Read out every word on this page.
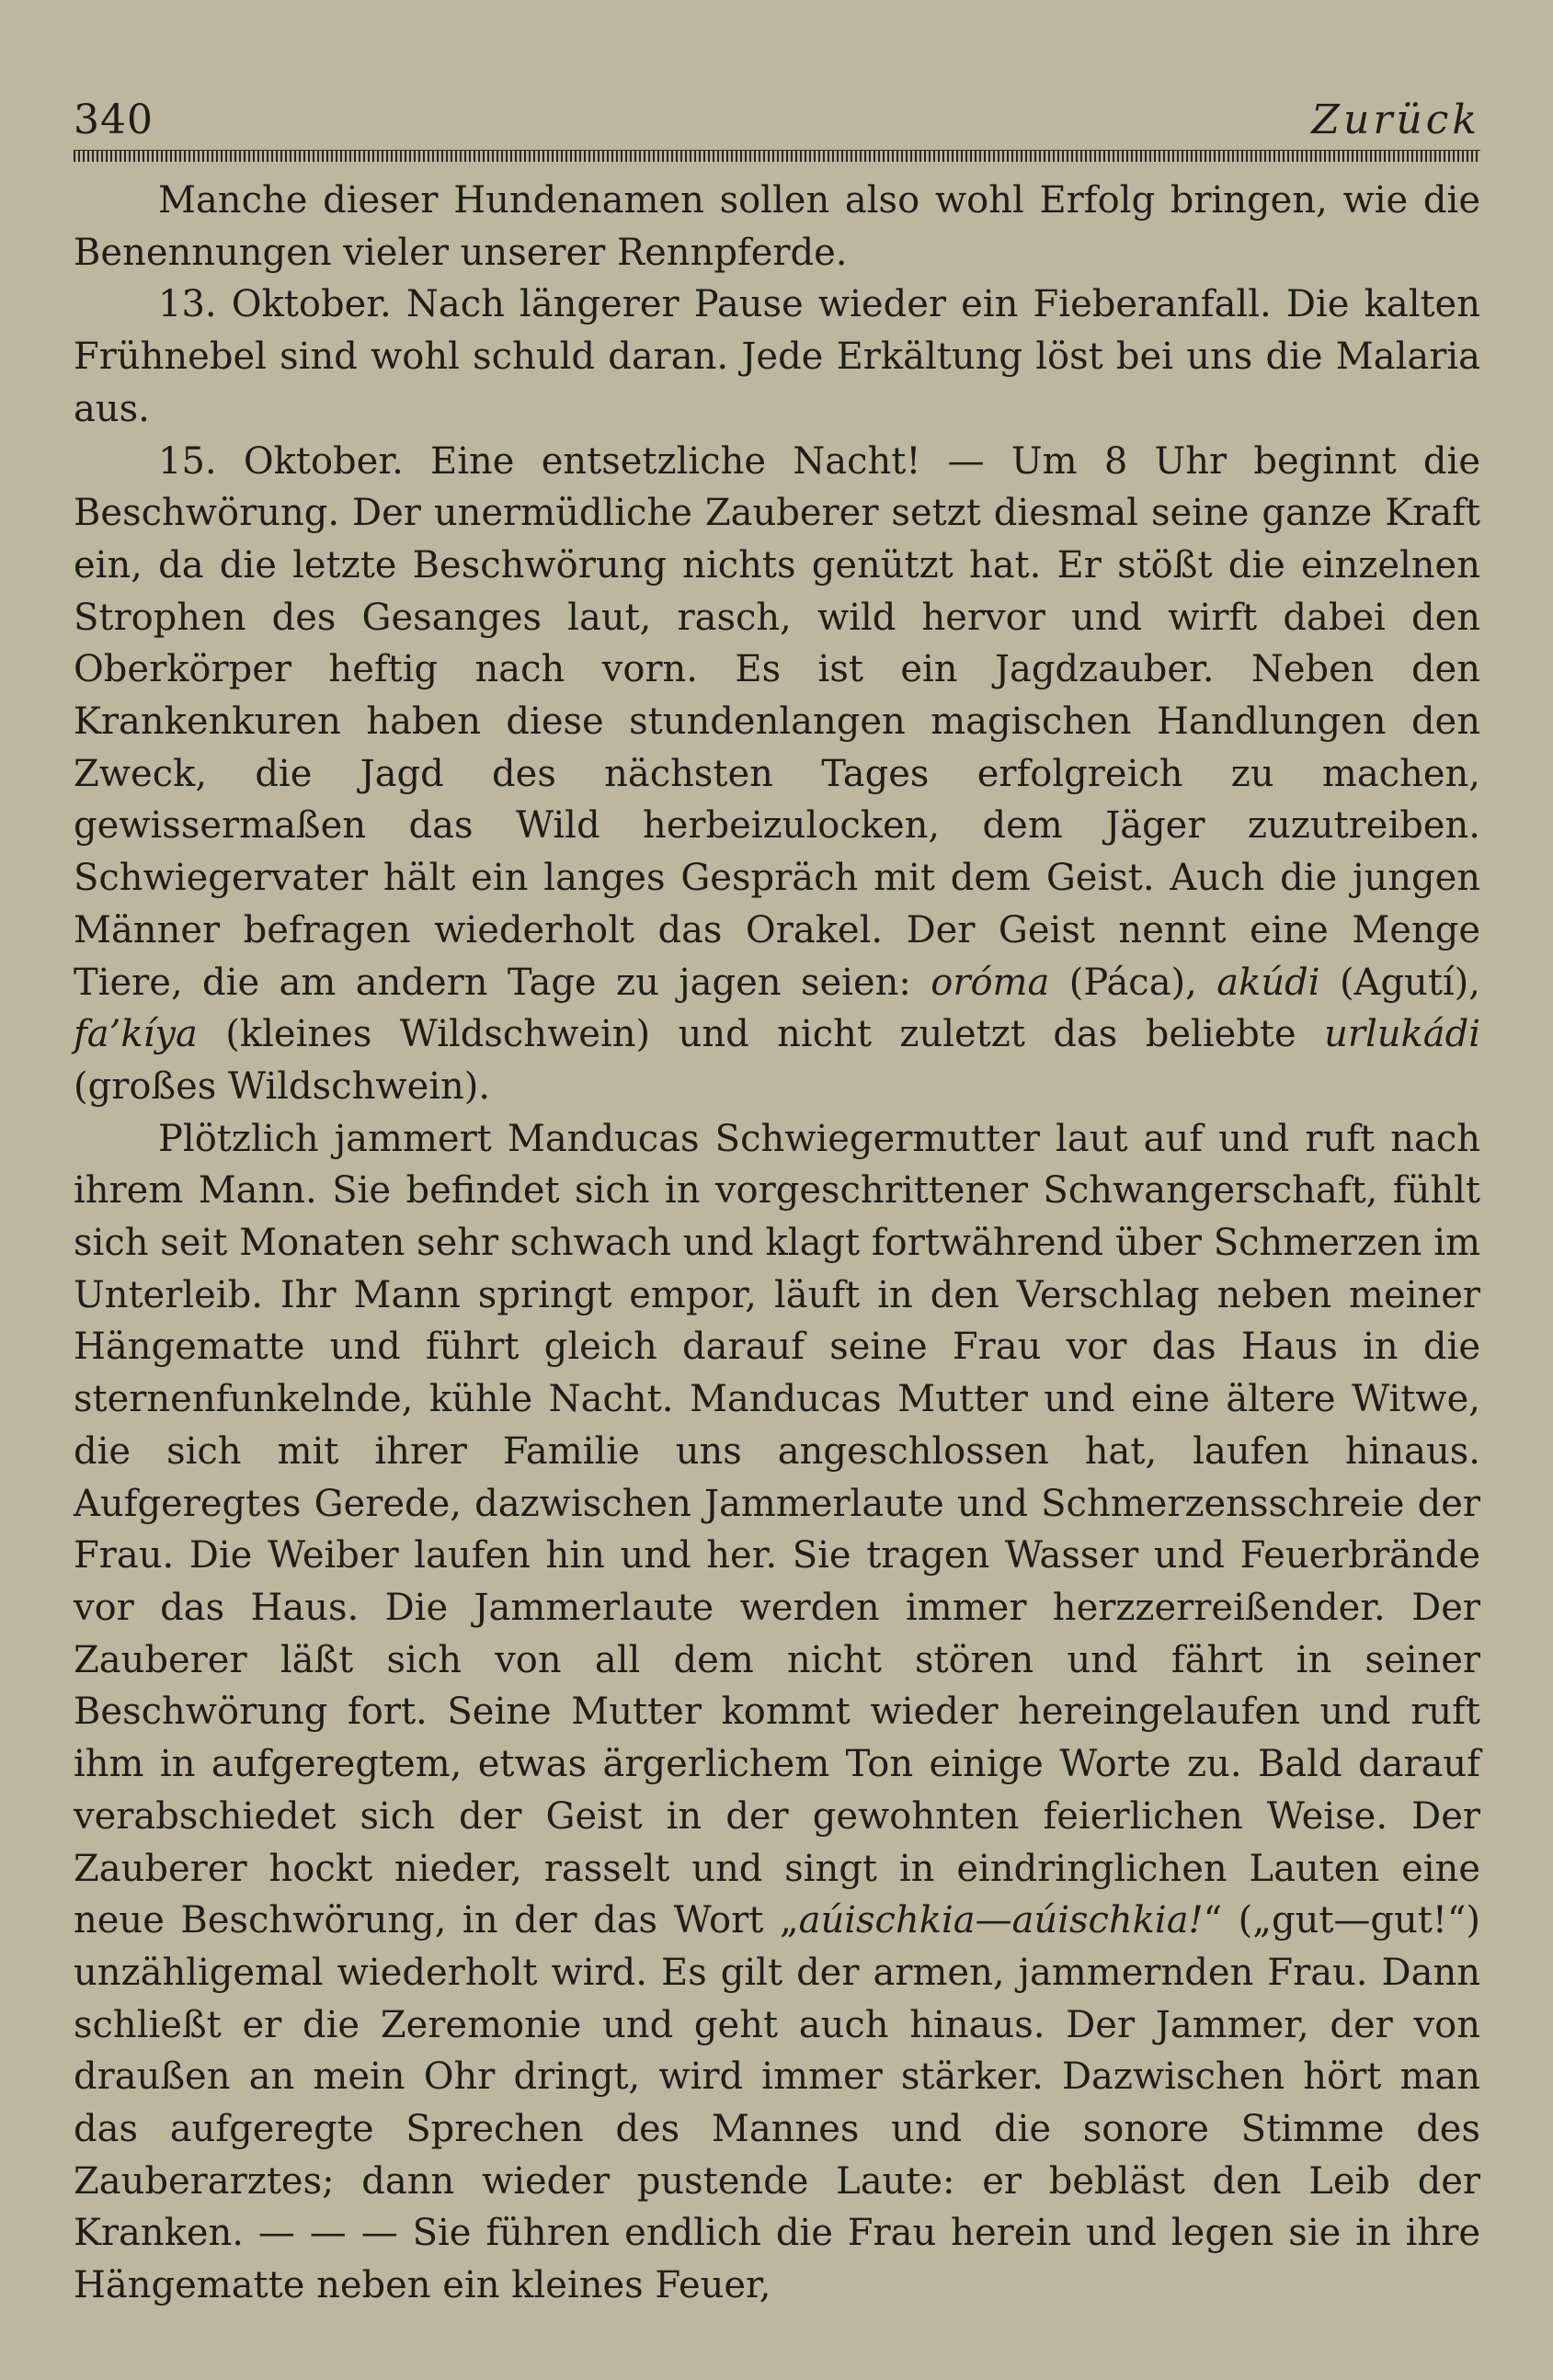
340	Zurück

Manche dieser Hundenamen sollen also wohl Erfolg bringen, wie die Benennungen vieler unserer Rennpferde.

13. Oktober. Nach längerer Pause wieder ein Fieberanfall. Die kalten Frühnebel sind wohl schuld daran. Jede Erkältung löst bei uns die Malaria aus.

15. Oktober. Eine entsetzliche Nacht! — Um 8 Uhr beginnt die Beschwörung. Der unermüdliche Zauberer setzt diesmal seine ganze Kraft ein, da die letzte Beschwörung nichts genützt hat. Er stößt die einzelnen Strophen des Gesanges laut, rasch, wild hervor und wirft dabei den Oberkörper heftig nach vorn. Es ist ein Jagdzauber. Neben den Krankenkuren haben diese stundenlangen magischen Handlungen den Zweck, die Jagd des nächsten Tages erfolgreich zu machen, gewissermaßen das Wild herbeizulocken, dem Jäger zuzutreiben. Schwiegervater hält ein langes Gespräch mit dem Geist. Auch die jungen Männer befragen wiederholt das Orakel. Der Geist nennt eine Menge Tiere, die am andern Tage zu jagen seien: oróma (Páca), akúdi (Agutí), fa’kíya (kleines Wildschwein) und nicht zuletzt das beliebte urlukádi (großes Wildschwein).

Plötzlich jammert Manducas Schwiegermutter laut auf und ruft nach ihrem Mann. Sie befindet sich in vorgeschrittener Schwangerschaft, fühlt sich seit Monaten sehr schwach und klagt fortwährend über Schmerzen im Unterleib. Ihr Mann springt empor, läuft in den Verschlag neben meiner Hängematte und führt gleich darauf seine Frau vor das Haus in die sternenfunkelnde, kühle Nacht. Manducas Mutter und eine ältere Witwe, die sich mit ihrer Familie uns angeschlossen hat, laufen hinaus. Aufgeregtes Gerede, dazwischen Jammerlaute und Schmerzensschreie der Frau. Die Weiber laufen hin und her. Sie tragen Wasser und Feuerbrände vor das Haus. Die Jammerlaute werden immer herzzerreißender. Der Zauberer läßt sich von all dem nicht stören und fährt in seiner Beschwörung fort. Seine Mutter kommt wieder hereingelaufen und ruft ihm in aufgeregtem, etwas ärgerlichem Ton einige Worte zu. Bald darauf verabschiedet sich der Geist in der gewohnten feierlichen Weise. Der Zauberer hockt nieder, rasselt und singt in eindringlichen Lauten eine neue Beschwörung, in der das Wort „aúischkia—aúischkia!“ („gut—gut!“) unzähligemal wiederholt wird. Es gilt der armen, jammernden Frau. Dann schließt er die Zeremonie und geht auch hinaus. Der Jammer, der von draußen an mein Ohr dringt, wird immer stärker. Dazwischen hört man das aufgeregte Sprechen des Mannes und die sonore Stimme des Zauberarztes; dann wieder pustende Laute: er bebläst den Leib der Kranken. — — — Sie führen endlich die Frau herein und legen sie in ihre Hängematte neben ein kleines Feuer,
